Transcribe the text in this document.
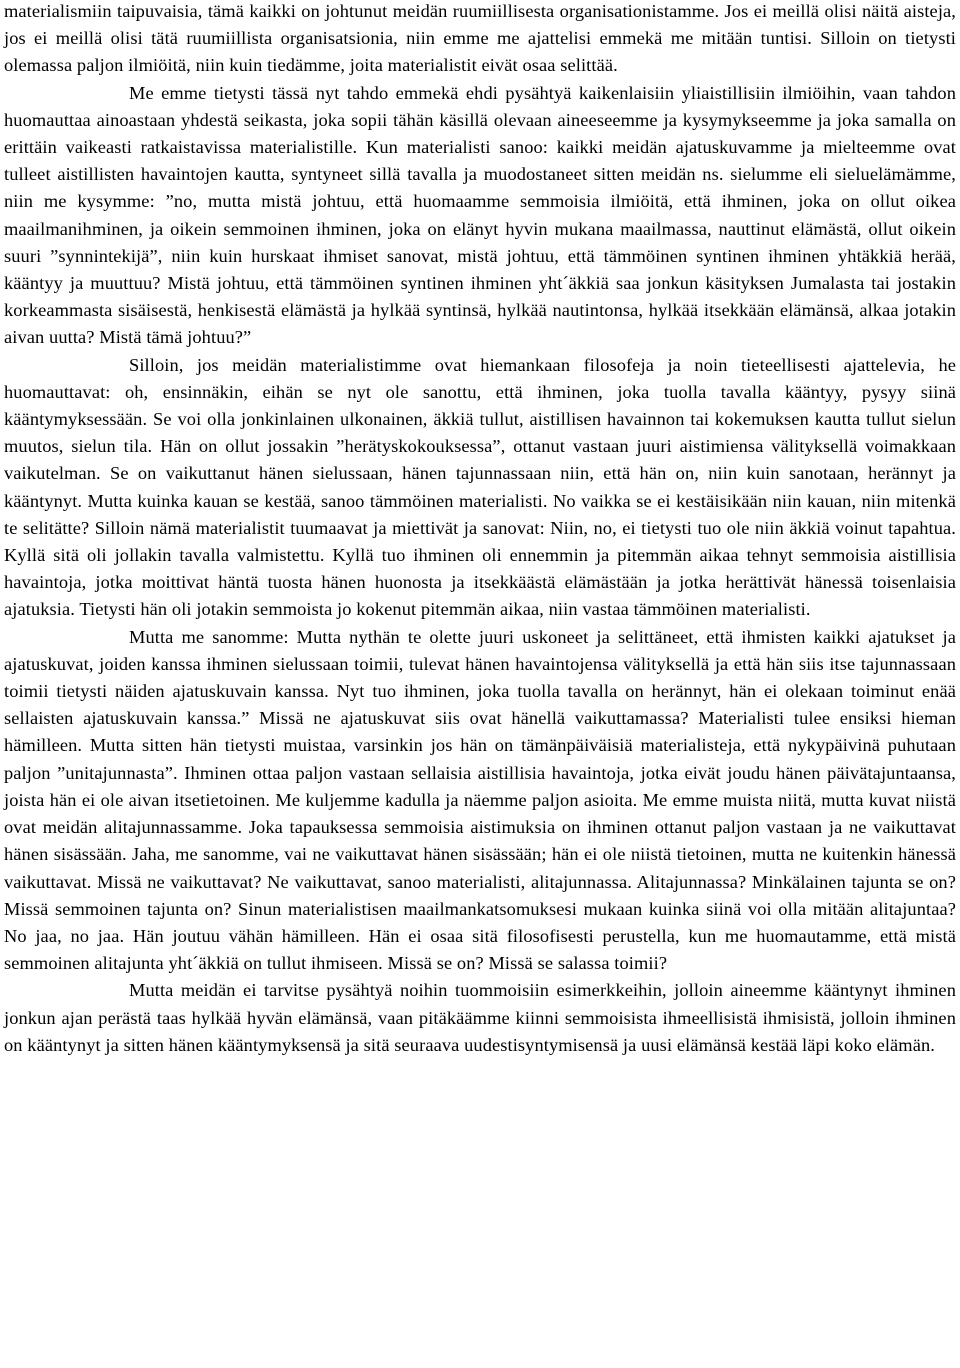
materialismiin taipuvaisia, tämä kaikki on johtunut meidän ruumiillisesta organisationistamme. Jos ei meillä olisi näitä aisteja, jos ei meillä olisi tätä ruumiillista organisatsionia, niin emme me ajattelisi emmekä me mitään tuntisi. Silloin on tietysti olemassa paljon ilmiöitä, niin kuin tiedämme, joita materialistit eivät osaa selittää.

Me emme tietysti tässä nyt tahdo emmekä ehdi pysähtyä kaikenlaisiin yliaistillisiin ilmiöihin, vaan tahdon huomauttaa ainoastaan yhdestä seikasta, joka sopii tähän käsillä olevaan aineeseemme ja kysymykseemme ja joka samalla on erittäin vaikeasti ratkaistavissa materialistille. Kun materialisti sanoo: kaikki meidän ajatuskuvamme ja mielteemme ovat tulleet aistillisten havaintojen kautta, syntyneet sillä tavalla ja muodostaneet sitten meidän ns. sielumme eli sieluelämämme, niin me kysymme: ”no, mutta mistä johtuu, että huomaamme semmoisia ilmiöitä, että ihminen, joka on ollut oikea maailmanihminen, ja oikein semmoinen ihminen, joka on elänyt hyvin mukana maailmassa, nauttinut elämästä, ollut oikein suuri ”synnintekijä”, niin kuin hurskaat ihmiset sanovat, mistä johtuu, että tämmöinen syntinen ihminen yhtäkkiä herää, kääntyy ja muuttuu? Mistä johtuu, että tämmöinen syntinen ihminen yht´äkkiä saa jonkun käsityksen Jumalasta tai jostakin korkeammasta sisäisestä, henkisestä elämästä ja hylkää syntinsä, hylkää nautintonsa, hylkää itsekkään elämänsä, alkaa jotakin aivan uutta? Mistä tämä johtuu?”

Silloin, jos meidän materialistimme ovat hiemankaan filosofeja ja noin tieteellisesti ajattelevia, he huomauttavat: oh, ensinnäkin, eihän se nyt ole sanottu, että ihminen, joka tuolla tavalla kääntyy, pysyy siinä kääntymyksessään. Se voi olla jonkinlainen ulkonainen, äkkiä tullut, aistillisen havainnon tai kokemuksen kautta tullut sielun muutos, sielun tila. Hän on ollut jossakin ”herätyskokouksessa”, ottanut vastaan juuri aistimiensa välityksellä voimakkaan vaikutelman. Se on vaikuttanut hänen sielussaan, hänen tajunnassaan niin, että hän on, niin kuin sanotaan, herännyt ja kääntynyt. Mutta kuinka kauan se kestää, sanoo tämmöinen materialisti. No vaikka se ei kestäisikään niin kauan, niin mitenkä te selitätte? Silloin nämä materialistit tuumaavat ja miettivät ja sanovat: Niin, no, ei tietysti tuo ole niin äkkiä voinut tapahtua. Kyllä sitä oli jollakin tavalla valmistettu. Kyllä tuo ihminen oli ennemmin ja pitemmän aikaa tehnyt semmoisia aistillisia havaintoja, jotka moittivat häntä tuosta hänen huonosta ja itsekkäästä elämästään ja jotka herättivät hänessä toisenlaisia ajatuksia. Tietysti hän oli jotakin semmoista jo kokenut pitemmän aikaa, niin vastaa tämmöinen materialisti.

Mutta me sanomme: Mutta nythän te olette juuri uskoneet ja selittäneet, että ihmisten kaikki ajatukset ja ajatuskuvat, joiden kanssa ihminen sielussaan toimii, tulevat hänen havaintojensa välityksellä ja että hän siis itse tajunnassaan toimii tietysti näiden ajatuskuvain kanssa. Nyt tuo ihminen, joka tuolla tavalla on herännyt, hän ei olekaan toiminut enää sellaisten ajatuskuvain kanssa.” Missä ne ajatuskuvat siis ovat hänellä vaikuttamassa? Materialisti tulee ensiksi hieman hämilleen. Mutta sitten hän tietysti muistaa, varsinkin jos hän on tämänpäiväisiä materialisteja, että nykypäivinä puhutaan paljon ”unitajunnasta”. Ihminen ottaa paljon vastaan sellaisia aistillisia havaintoja, jotka eivät joudu hänen päivätajuntaansa, joista hän ei ole aivan itsetietoinen. Me kuljemme kadulla ja näemme paljon asioita. Me emme muista niitä, mutta kuvat niistä ovat meidän alitajunnassamme. Joka tapauksessa semmoisia aistimuksia on ihminen ottanut paljon vastaan ja ne vaikuttavat hänen sisässään. Jaha, me sanomme, vai ne vaikuttavat hänen sisässään; hän ei ole niistä tietoinen, mutta ne kuitenkin hänessä vaikuttavat. Missä ne vaikuttavat? Ne vaikuttavat, sanoo materialisti, alitajunnassa. Alitajunnassa? Minkälainen tajunta se on? Missä semmoinen tajunta on? Sinun materialistisen maailmankatsomuksesi mukaan kuinka siinä voi olla mitään alitajuntaa? No jaa, no jaa. Hän joutuu vähän hämilleen. Hän ei osaa sitä filosofisesti perustella, kun me huomautamme, että mistä semmoinen alitajunta yht´äkkiä on tullut ihmiseen. Missä se on? Missä se salassa toimii?

Mutta meidän ei tarvitse pysähtyä noihin tuommoisiin esimerkkeihin, jolloin aineemme kääntynyt ihminen jonkun ajan perästä taas hylkää hyvän elämänsä, vaan pitäkäämme kiinni semmoisista ihmeellisistä ihmisistä, jolloin ihminen on kääntynyt ja sitten hänen kääntymyksensä ja sitä seuraava uudestisyntymisensä ja uusi elämänsä kestää läpi koko elämän.
